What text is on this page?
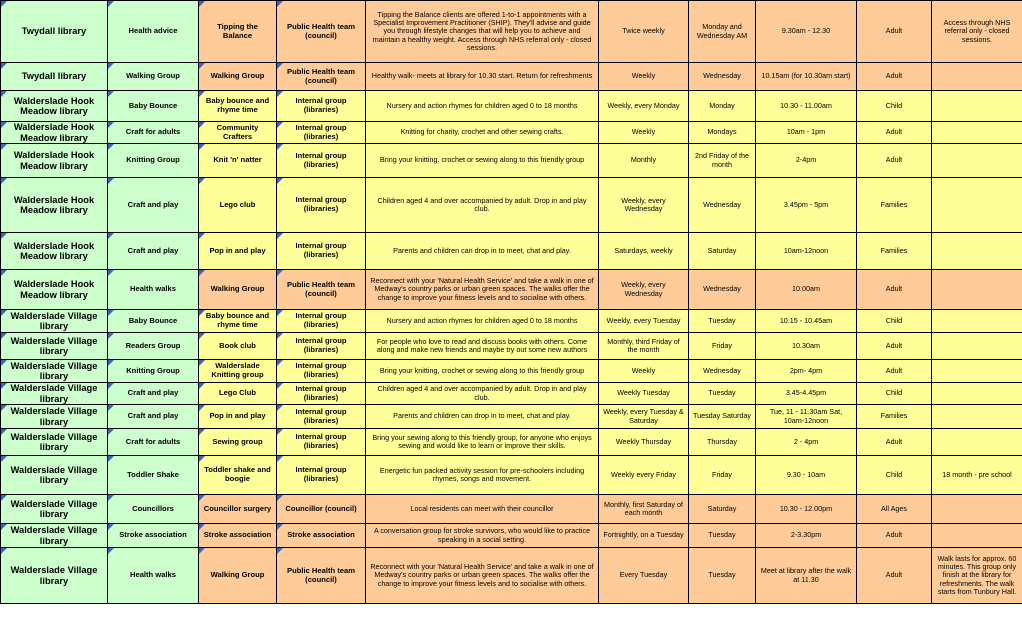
Twydall library	Health advice	Tipping the Balance	Public Health team (council)	Tipping the Balance clients are offered 1-to-1 appointments with a Specialist Improvement Practitioner (SHIP). They'll advise and guide you through lifestyle changes that will help you to achieve and maintain a healthy weight. Access through NHS referral only - closed sessions.	Twice weekly	Monday and Wednesday AM	9.30am - 12.30	Adult	Access through NHS referral only - closed sessions.
Twydall library	Walking Group	Walking Group	Public Health team (council)	Healthy walk- meets at library for 10.30 start. Return for refreshments	Weekly	Wednesday	10.15am (for 10.30am start)	Adult	
Walderslade Hook Meadow library	Baby Bounce	Baby bounce and rhyme time	Internal group (libraries)	Nursery and action rhymes for children aged 0 to 18 months	Weekly, every Monday	Monday	10.30 - 11.00am	Child	
Walderslade Hook Meadow library	Craft for adults	Community Crafters	Internal group (libraries)	Knitting for charity, crochet and other sewing crafts.	Weekly	Mondays	10am - 1pm	Adult	
Walderslade Hook Meadow library	Knitting Group	Knit 'n' natter	Internal group (libraries)	Bring your knitting, crochet or sewing along to this friendly group	Monthly	2nd Friday of the month	2-4pm	Adult	
Walderslade Hook Meadow library	Craft and play	Lego club	Internal group (libraries)	Children aged 4 and over accompanied by adult. Drop in and play club.	Weekly, every Wednesday	Wednesday	3.45pm - 5pm	Families	
Walderslade Hook Meadow library	Craft and play	Pop in and play	Internal group (libraries)	Parents and children can drop in to meet, chat and play.	Saturdays, weekly	Saturday	10am-12noon	Families	
Walderslade Hook Meadow library	Health walks	Walking Group	Public Health team (council)	Reconnect with your 'Natural Health Service' and take a walk in one of Medway's country parks or urban green spaces. The walks offer the change to improve your fitness levels and to socialise with others.	Weekly, every Wednesday	Wednesday	10.00am	Adult	
Walderslade Village library	Baby Bounce	Baby bounce and rhyme time	Internal group (libraries)	Nursery and action rhymes for children aged 0 to 18 months	Weekly, every Tuesday	Tuesday	10.15 - 10.45am	Child	
Walderslade Village library	Readers Group	Book club	Internal group (libraries)	For people who love to read and discuss books with others. Come along and make new friends and maybe try out some new authors	Monthly, third Friday of the month	Friday	10.30am	Adult	
Walderslade Village library	Knitting Group	Walderslade Knitting group	Internal group (libraries)	Bring your knitting, crochet or sewing along to this friendly group	Weekly	Wednesday	2pm- 4pm	Adult	
Walderslade Village library	Craft and play	Lego Club	Internal group (libraries)	Children aged 4 and over accompanied by adult. Drop in and play club.	Weekly Tuesday	Tuesday	3.45-4.45pm	Child	
Walderslade Village library	Craft and play	Pop in and play	Internal group (libraries)	Parents and children can drop in to meet, chat and play.	Weekly, every Tuesday & Saturday	Tuesday Saturday	Tue, 11 - 11.30am Sat, 10am-12noon	Families	
Walderslade Village library	Craft for adults	Sewing group	Internal group (libraries)	Bring your sewing along to this friendly group, for anyone who enjoys sewing and would like to learn or improve their skills.	Weekly Thursday	Thursday	2 - 4pm	Adult	
Walderslade Village library	Toddler Shake	Toddler shake and boogie	Internal group (libraries)	Energetic fun packed activity session for pre-schoolers including rhymes, songs and movement.	Weekly every Friday	Friday	9.30 - 10am	Child	18 month - pre school
Walderslade Village library	Councillors	Councillor surgery	Councillor (council)	Local residents can meet with their councillor	Monthly, first Saturday of each month	Saturday	10.30 - 12.00pm	All Ages	
Walderslade Village library	Stroke association	Stroke association	Stroke association	A conversation group for stroke survivors, who would like to practice speaking in a social setting.	Fortnightly, on a Tuesday	Tuesday	2-3.30pm	Adult	
Walderslade Village library	Health walks	Walking Group	Public Health team (council)	Reconnect with your 'Natural Health Service' and take a walk in one of Medway's country parks or urban green spaces. The walks offer the change to improve your fitness levels and to socialise with others.	Every Tuesday	Tuesday	Meet at library after the walk at 11.30	Adult	Walk lasts for approx. 60 minutes. This group only finish at the library for refreshments. The walk starts from Tunbury Hall.
